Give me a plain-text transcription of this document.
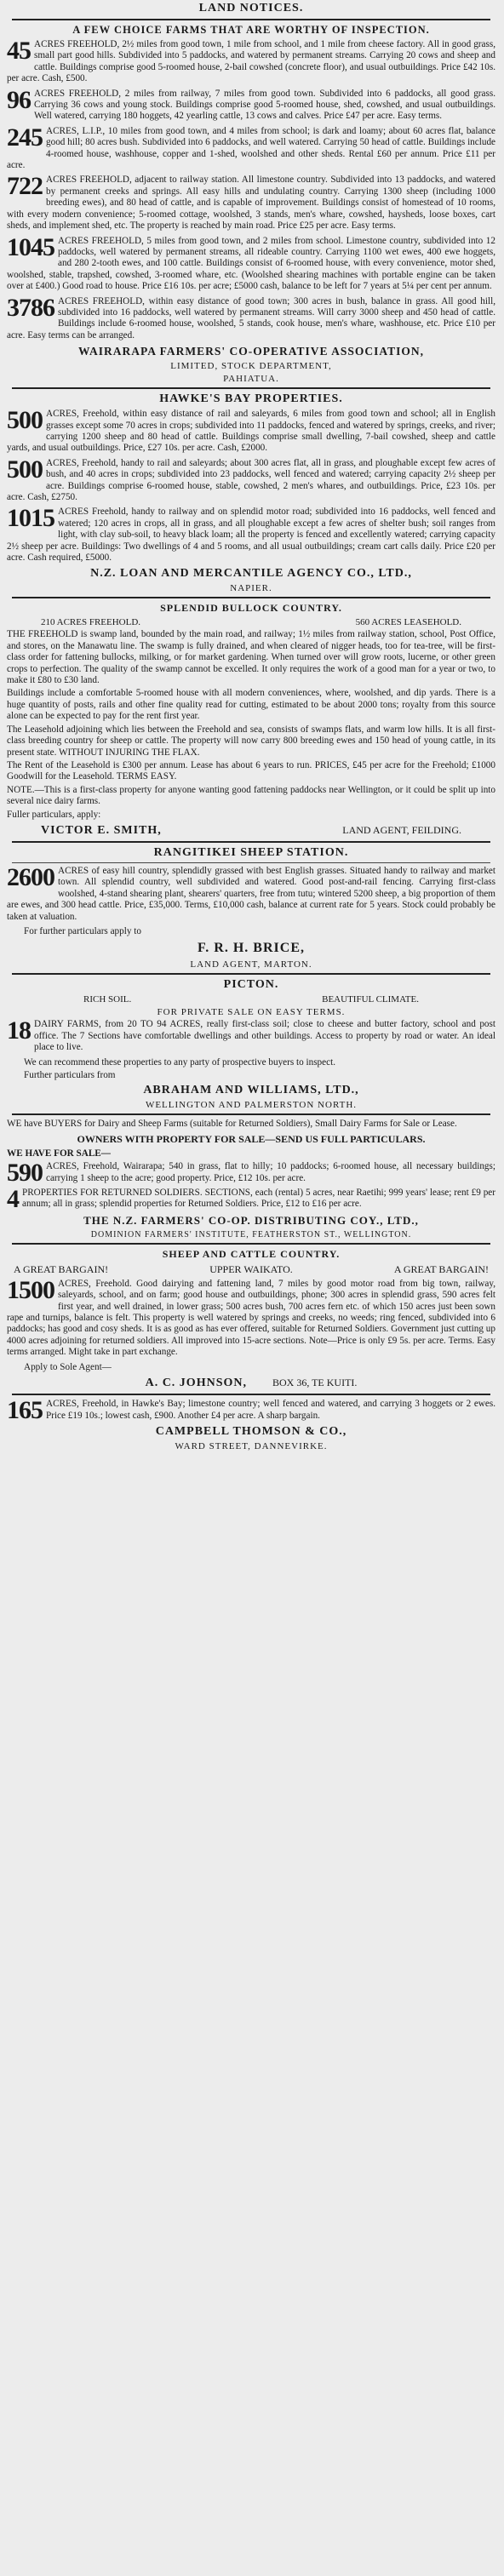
LAND NOTICES.
A FEW CHOICE FARMS THAT ARE WORTHY OF INSPECTION.
45 ACRES FREEHOLD, 2½ miles from good town, 1 mile from school, and 1 mile from cheese factory. All in good grass, small part good hills. Subdivided into 5 paddocks, and watered by permanent streams. Carrying 20 cows and sheep and cattle. Buildings comprise good 5-roomed house, 2-bail cowshed (concrete floor), and usual outbuildings. Price £42 10s. per acre. Cash, £500.
96 ACRES FREEHOLD, 2 miles from railway, 7 miles from good town. Subdivided into 6 paddocks, all good grass. Carrying 36 cows and young stock. Buildings comprise good 5-roomed house, shed, cowshed, and usual outbuildings. Well watered, carrying 180 hoggets, 42 yearling cattle, 13 cows and calves. Price £47 per acre. Easy terms.
245 ACRES, L.I.P., 10 miles from good town, and 4 miles from school; is dark and loamy; about 60 acres flat, balance good hill; 80 acres bush. Subdivided into 6 paddocks, and well watered. Carrying 50 head of cattle. Buildings include 4-roomed house, washhouse, copper and 1-shed, woolshed and other sheds. Rental £60 per annum. Price £11 per acre.
722 ACRES FREEHOLD, adjacent to railway station. All limestone country. Subdivided into 13 paddocks, and watered by permanent creeks and springs. All easy hills and undulating country. Carrying 1300 sheep (including 1000 breeding ewes), and 80 head of cattle, and is capable of improvement. Buildings consist of homestead of 10 rooms, with every modern convenience; 5-roomed cottage, woolshed, 3 stands, men's whare, cowshed, haysheds, loose boxes, cart sheds, and implement shed, etc. The property is reached by main road. Price £25 per acre. Easy terms.
1045 ACRES FREEHOLD, 5 miles from good town, and 2 miles from school. Limestone country, subdivided into 12 paddocks, well watered by permanent streams, all rideable country. Carrying 1100 wet ewes, 400 ewe hoggets, and 280 2-tooth ewes, and 100 cattle. Buildings consist of 6-roomed house, with every convenience, motor shed, woolshed, stable, trapshed, cowshed, 3-roomed whare, etc. (Woolshed shearing machines with portable engine can be taken over at £400.) Good road to house. Price £16 10s. per acre; £5000 cash, balance to be left for 7 years at 5¼ per cent per annum.
3786 ACRES FREEHOLD, within easy distance of good town; 300 acres in bush, balance in grass. All good hill, subdivided into 16 paddocks, well watered by permanent streams. Will carry 3000 sheep and 450 head of cattle. Buildings include 6-roomed house, woolshed, 5 stands, cook house, men's whare, washhouse, etc. Price £10 per acre. Easy terms can be arranged.
WAIRARAPA FARMERS' CO-OPERATIVE ASSOCIATION,
LIMITED, STOCK DEPARTMENT,
PAHIATUA.
HAWKE'S BAY PROPERTIES.
500 ACRES, Freehold, within easy distance of rail and saleyards, 6 miles from good town and school; all in English grasses except some 70 acres in crops; subdivided into 11 paddocks, fenced and watered by springs, creeks, and river; carrying 1200 sheep and 80 head of cattle. Buildings comprise small dwelling, 7-bail cowshed, sheep and cattle yards, and usual outbuildings. Price, £27 10s. per acre. Cash, £2000.
500 ACRES, Freehold, handy to rail and saleyards; about 300 acres flat, all in grass, and ploughable except few acres of bush, and 40 acres in crops; subdivided into 23 paddocks, well fenced and watered; carrying capacity 2½ sheep per acre. Buildings comprise 6-roomed house, stable, cowshed, 2 men's whares, and outbuildings. Price, £23 10s. per acre. Cash, £2750.
1015 ACRES Freehold, handy to railway and on splendid motor road; subdivided into 16 paddocks, well fenced and watered; 120 acres in crops, all in grass, and all ploughable except a few acres of shelter bush; soil ranges from light, with clay sub-soil, to heavy black loam; all the property is fenced and excellently watered; carrying capacity 2½ sheep per acre. Buildings: Two dwellings of 4 and 5 rooms, and all usual outbuildings; cream cart calls daily. Price £20 per acre. Cash required, £5000.
N.Z. LOAN AND MERCANTILE AGENCY CO., LTD.,
NAPIER.
SPLENDID BULLOCK COUNTRY.
210 ACRES FREEHOLD.	560 ACRES LEASEHOLD.
THE FREEHOLD is swamp land, bounded by the main road, and railway; 1½ miles from railway station, school, Post Office, and stores, on the Manawatu line. The swamp is fully drained, and when cleared of nigger heads, too for tea-tree, will be first-class order for fattening bullocks, milking, or for market gardening. When turned over will grow roots, lucerne, or other green crops to perfection. The quality of the swamp cannot be excelled. It only requires the work of a good man for a year or two, to make it £80 to £30 land.
Buildings include a comfortable 5-roomed house with all modern conveniences, where, woolshed, and dip yards. There is a huge quantity of posts, rails and other fine quality read for cutting, estimated to be about 2000 tons; royalty from this source alone can be expected to pay for the rent first year.
The Leasehold adjoining which lies between the Freehold and sea, consists of swamps flats, and warm low hills. It is all first-class breeding country for sheep or cattle. The property will now carry 800 breeding ewes and 150 head of young cattle, in its present state. WITHOUT INJURING THE FLAX.
The Rent of the Leasehold is £300 per annum. Lease has about 6 years to run. PRICES, £45 per acre for the Freehold; £1000 Goodwill for the Leasehold. TERMS EASY.
NOTE.—This is a first-class property for anyone wanting good fattening paddocks near Wellington, or it could be split up into several nice dairy farms.
Fuller particulars, apply:
VICTOR E. SMITH,	LAND AGENT, FEILDING.
RANGITIKEI SHEEP STATION.
2600 ACRES of easy hill country, splendidly grassed with best English grasses. Situated handy to railway and market town. All splendid country, well subdivided and watered. Good post-and-rail fencing. Carrying first-class woolshed, 4-stand shearing plant, shearers' quarters, free from tutu; wintered 5200 sheep, a big proportion of them are ewes, and 300 head cattle. Price, £35,000. Terms, £10,000 cash, balance at current rate for 5 years. Stock could probably be taken at valuation.
For further particulars apply to
F. R. H. BRICE,
LAND AGENT, MARTON.
PICTON.
RICH SOIL.	BEAUTIFUL CLIMATE.
FOR PRIVATE SALE ON EASY TERMS.
18 DAIRY FARMS, from 20 TO 94 ACRES, really first-class soil; close to cheese and butter factory, school and post office. The 7 Sections have comfortable dwellings and other buildings. Access to property by road or water. An ideal place to live.
We can recommend these properties to any party of prospective buyers to inspect.
Further particulars from
ABRAHAM AND WILLIAMS, LTD.,
WELLINGTON AND PALMERSTON NORTH.
WE have BUYERS for Dairy and Sheep Farms (suitable for Returned Soldiers), Small Dairy Farms for Sale or Lease.
OWNERS WITH PROPERTY FOR SALE—SEND US FULL PARTICULARS.
WE HAVE FOR SALE—
590 ACRES, Freehold, Wairarapa; 540 in grass, flat to hilly; 10 paddocks; 6-roomed house, all necessary buildings; carrying 1 sheep to the acre; good property. Price, £12 10s. per acre.
4 PROPERTIES FOR RETURNED SOLDIERS. SECTIONS, each (rental) 5 acres, near Raetihi; 999 years' lease; rent £9 per annum; all in grass; splendid properties for Returned Soldiers. Price, £12 to £16 per acre.
THE N.Z. FARMERS' CO-OP. DISTRIBUTING COY., LTD.,
DOMINION FARMERS' INSTITUTE, FEATHERSTON ST., WELLINGTON.
SHEEP AND CATTLE COUNTRY.
A GREAT BARGAIN!	UPPER WAIKATO.	A GREAT BARGAIN!
1500 ACRES, Freehold. Good dairying and fattening land, 7 miles by good motor road from big town, railway, saleyards, school, and on farm; good house and outbuildings, phone; 300 acres in splendid grass, 590 acres felt first year, and well drained, in lower grass; 500 acres bush, 700 acres fern etc. of which 150 acres just been sown rape and turnips, balance is felt. This property is well watered by springs and creeks, no weeds; ring fenced, subdivided into 6 paddocks; has good and cosy sheds. It is as good as has ever offered, suitable for Returned Soldiers. Government just cutting up 4000 acres adjoining for returned soldiers. All improved into 15-acre sections. Note—Price is only £9 5s. per acre. Terms. Easy terms arranged. Might take in part exchange.
Apply to Sole Agent—
A. C. JOHNSON,	BOX 36, TE KUITI.
165 ACRES, Freehold, in Hawke's Bay; limestone country; well fenced and watered, and carrying 3 hoggets or 2 ewes. Price £19 10s.; lowest cash, £900. Another £4 per acre. A sharp bargain.
CAMPBELL THOMSON & CO.,
WARD STREET, DANNEVIRKE.
